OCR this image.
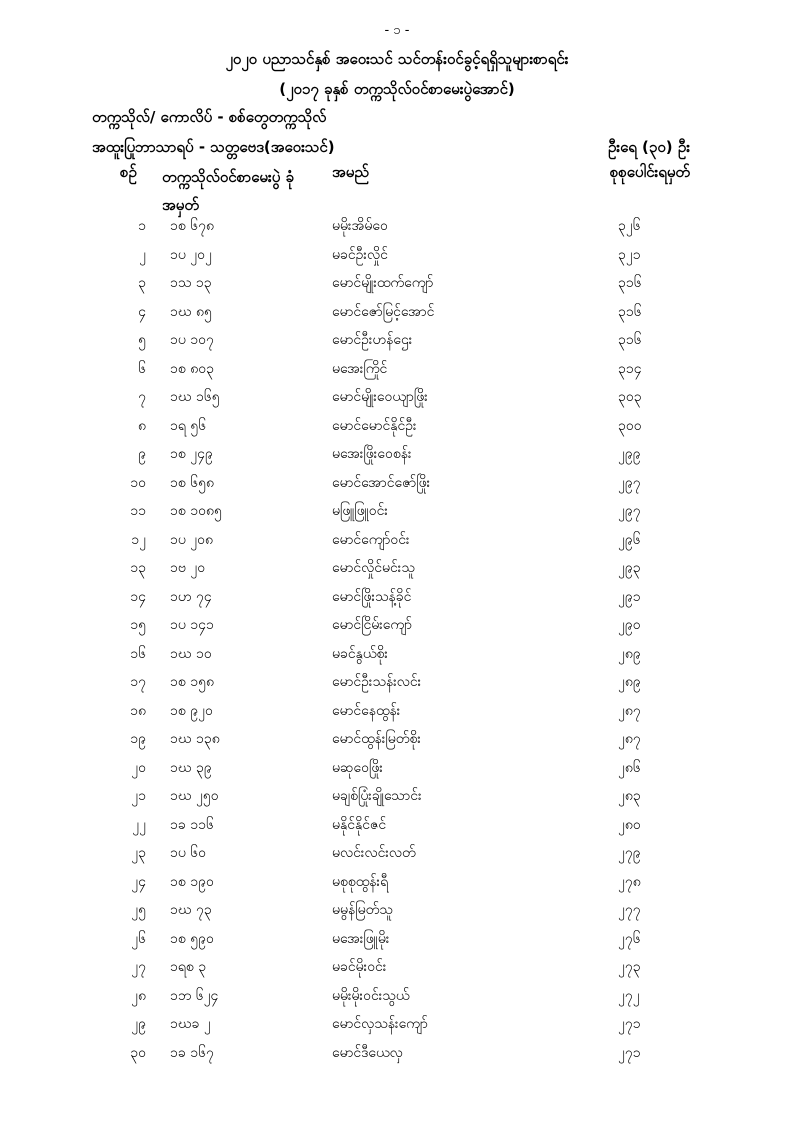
- ၁ -
၂၀၂၀ ပညာသင်နှစ် အဝေးသင် သင်တန်းဝင်ခွင့်ရရှိသူများစာရင်း
(၂၀၁၇ ခုနှစ် တက္ကသိုလ်ဝင်စာမေးပွဲအောင်)
တက္ကသိုလ်/ ကောလိပ် - စစ်တွေတက္ကသိုလ်
အထူးပြုဘာသာရပ် - သတ္တဗေဒ(အဝေးသင်)	ဦးရေ (၃၀) ဦး
စဉ် တက္ကသိုလ်ဝင်စာမေးပွဲ ခုံအမှတ်
အမည်	စုစုပေါင်းရမှတ်
၁ ၁စ ၆၇၈	မမိုးအိမ်ဝေ	၃၂၆
၂ ၁ပ ၂၀၂	မခင်ဦးလှိုင်	၃၂၁
၃ ၁သ ၁၃	မောင်မျိုးထက်ကျော်	၃၁၆
၄ ၁ဃ ၈၅	မောင်ဇော်မြင့်အောင်	၃၁၆
၅ ၁ပ ၁၀၇	မောင်ဦးဟန်ဌေး	၃၁၆
၆ ၁စ ၈၀၃	မအေးကြိုင်	၃၁၄
၇ ၁ဃ ၁၆၅	မောင်မျိုးဝေယျာဖြိုး	၃၀၃
၈ ၁ရ ၅၆	မောင်မောင်နိုင်ဦး	၃၀၀
၉ ၁စ ၂၄၉	မအေးဖြိုးဝေစန်း	၂၉၉
၁၀ ၁စ ၆၅၈	မောင်အောင်ဇော်ဖြိုး	၂၉၇
၁၁ ၁စ ၁၀၈၅	မဖြူဖြူဝင်း	၂၉၇
၁၂ ၁ပ ၂၀၈	မောင်ကျော်ဝင်း	၂၉၆
၁၃ ၁ဗ ၂၀	မောင်လှိုင်မင်းသူ	၂၉၃
၁၄ ၁ဟ ၇၄	မောင်ဖြိုးသန့်ခိုင်	၂၉၁
၁၅ ၁ပ ၁၄၁	မောင်ငြိမ်းကျော်	၂၉၀
၁၆ ၁ဃ ၁၀	မခင်နွယ်စိုး	၂၈၉
၁၇ ၁စ ၁၅၈	မောင်ဦးသန်းလင်း	၂၈၉
၁၈ ၁စ ၉၂၀	မောင်နေထွန်း	၂၈၇
၁၉ ၁ဃ ၁၃၈	မောင်ထွန်းမြတ်စိုး	၂၈၇
၂၀ ၁ဃ ၃၉	မဆုဝေဖြိုး	၂၈၆
၂၁ ၁ဃ ၂၅၀	မချစ်ပြုံးချိုသောင်း	၂၈၃
၂၂ ၁ခ ၁၁၆	မနိုင်နိုင်ဇင်	၂၈၀
၂၃ ၁ပ ၆၀	မလင်းလင်းလတ်	၂၇၉
၂၄ ၁စ ၁၉၀	မစုစုထွန်းရီ	၂၇၈
၂၅ ၁ဃ ၇၃	မမွန်မြတ်သူ	၂၇၇
၂၆ ၁စ ၅၉၀	မအေးဖြူမိုး	၂၇၆
၂၇ ၁ရစ ၃	မခင်မိုးဝင်း	၂၇၃
၂၈ ၁ဘ ၆၂၄	မမိုးမိုးဝင်းသွယ်	၂၇၂
၂၉ ၁ဃခ ၂	မောင်လှသန်းကျော်	၂၇၁
၃၀ ၁ခ ၁၆၇	မောင်ဒီယေလှ	၂၇၁
